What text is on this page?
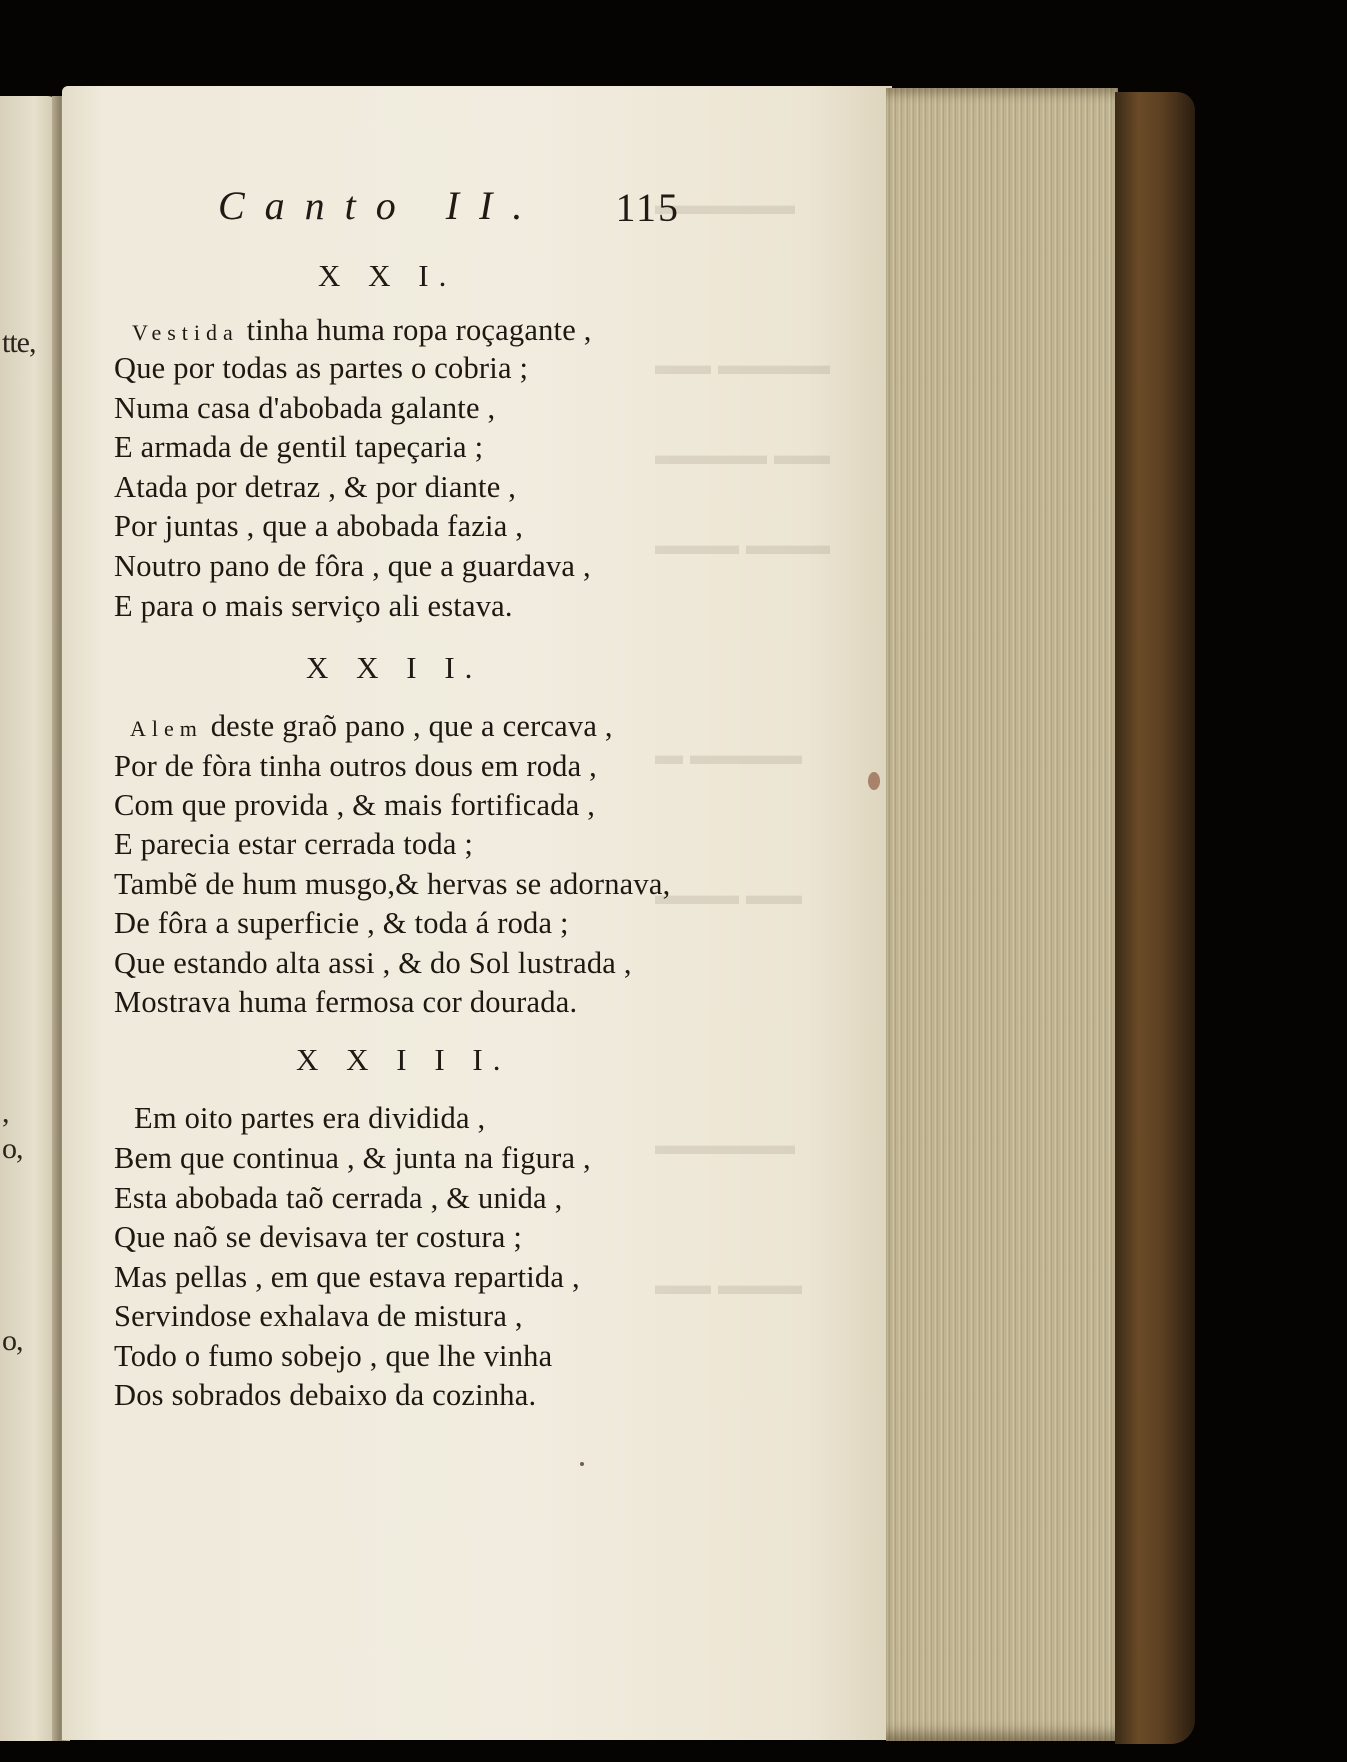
tte,
,
o,
o,
▬▬▬▬▬
▬▬▬▬ ▬▬
▬▬ ▬▬▬▬
▬▬▬ ▬▬▬
▬▬▬▬ ▬
▬▬ ▬▬▬
▬▬▬▬▬
▬▬▬ ▬▬
Canto II. 115
X X I.
Vestida tinha huma ropa roçagante ,
Que por todas as partes o cobria ;
Numa casa d'abobada galante ,
E armada de gentil tapeçaria ;
Atada por detraz , & por diante ,
Por juntas , que a abobada fazia ,
Noutro pano de fôra , que a guardava ,
E para o mais serviço ali estava.
X X I I.
Alem deste graõ pano , que a cercava ,
Por de fòra tinha outros dous em roda ,
Com que provida , & mais fortificada ,
E parecia estar cerrada toda ;
Tambẽ de hum musgo,& hervas se adornava,
De fôra a superficie , & toda á roda ;
Que estando alta assi , & do Sol lustrada ,
Mostrava huma fermosa cor dourada.
X X I I I.
Em oito partes era dividida ,
Bem que continua , & junta na figura ,
Esta abobada taõ cerrada , & unida ,
Que naõ se devisava ter costura ;
Mas pellas , em que estava repartida ,
Servindose exhalava de mistura ,
Todo o fumo sobejo , que lhe vinha
Dos sobrados debaixo da cozinha.
